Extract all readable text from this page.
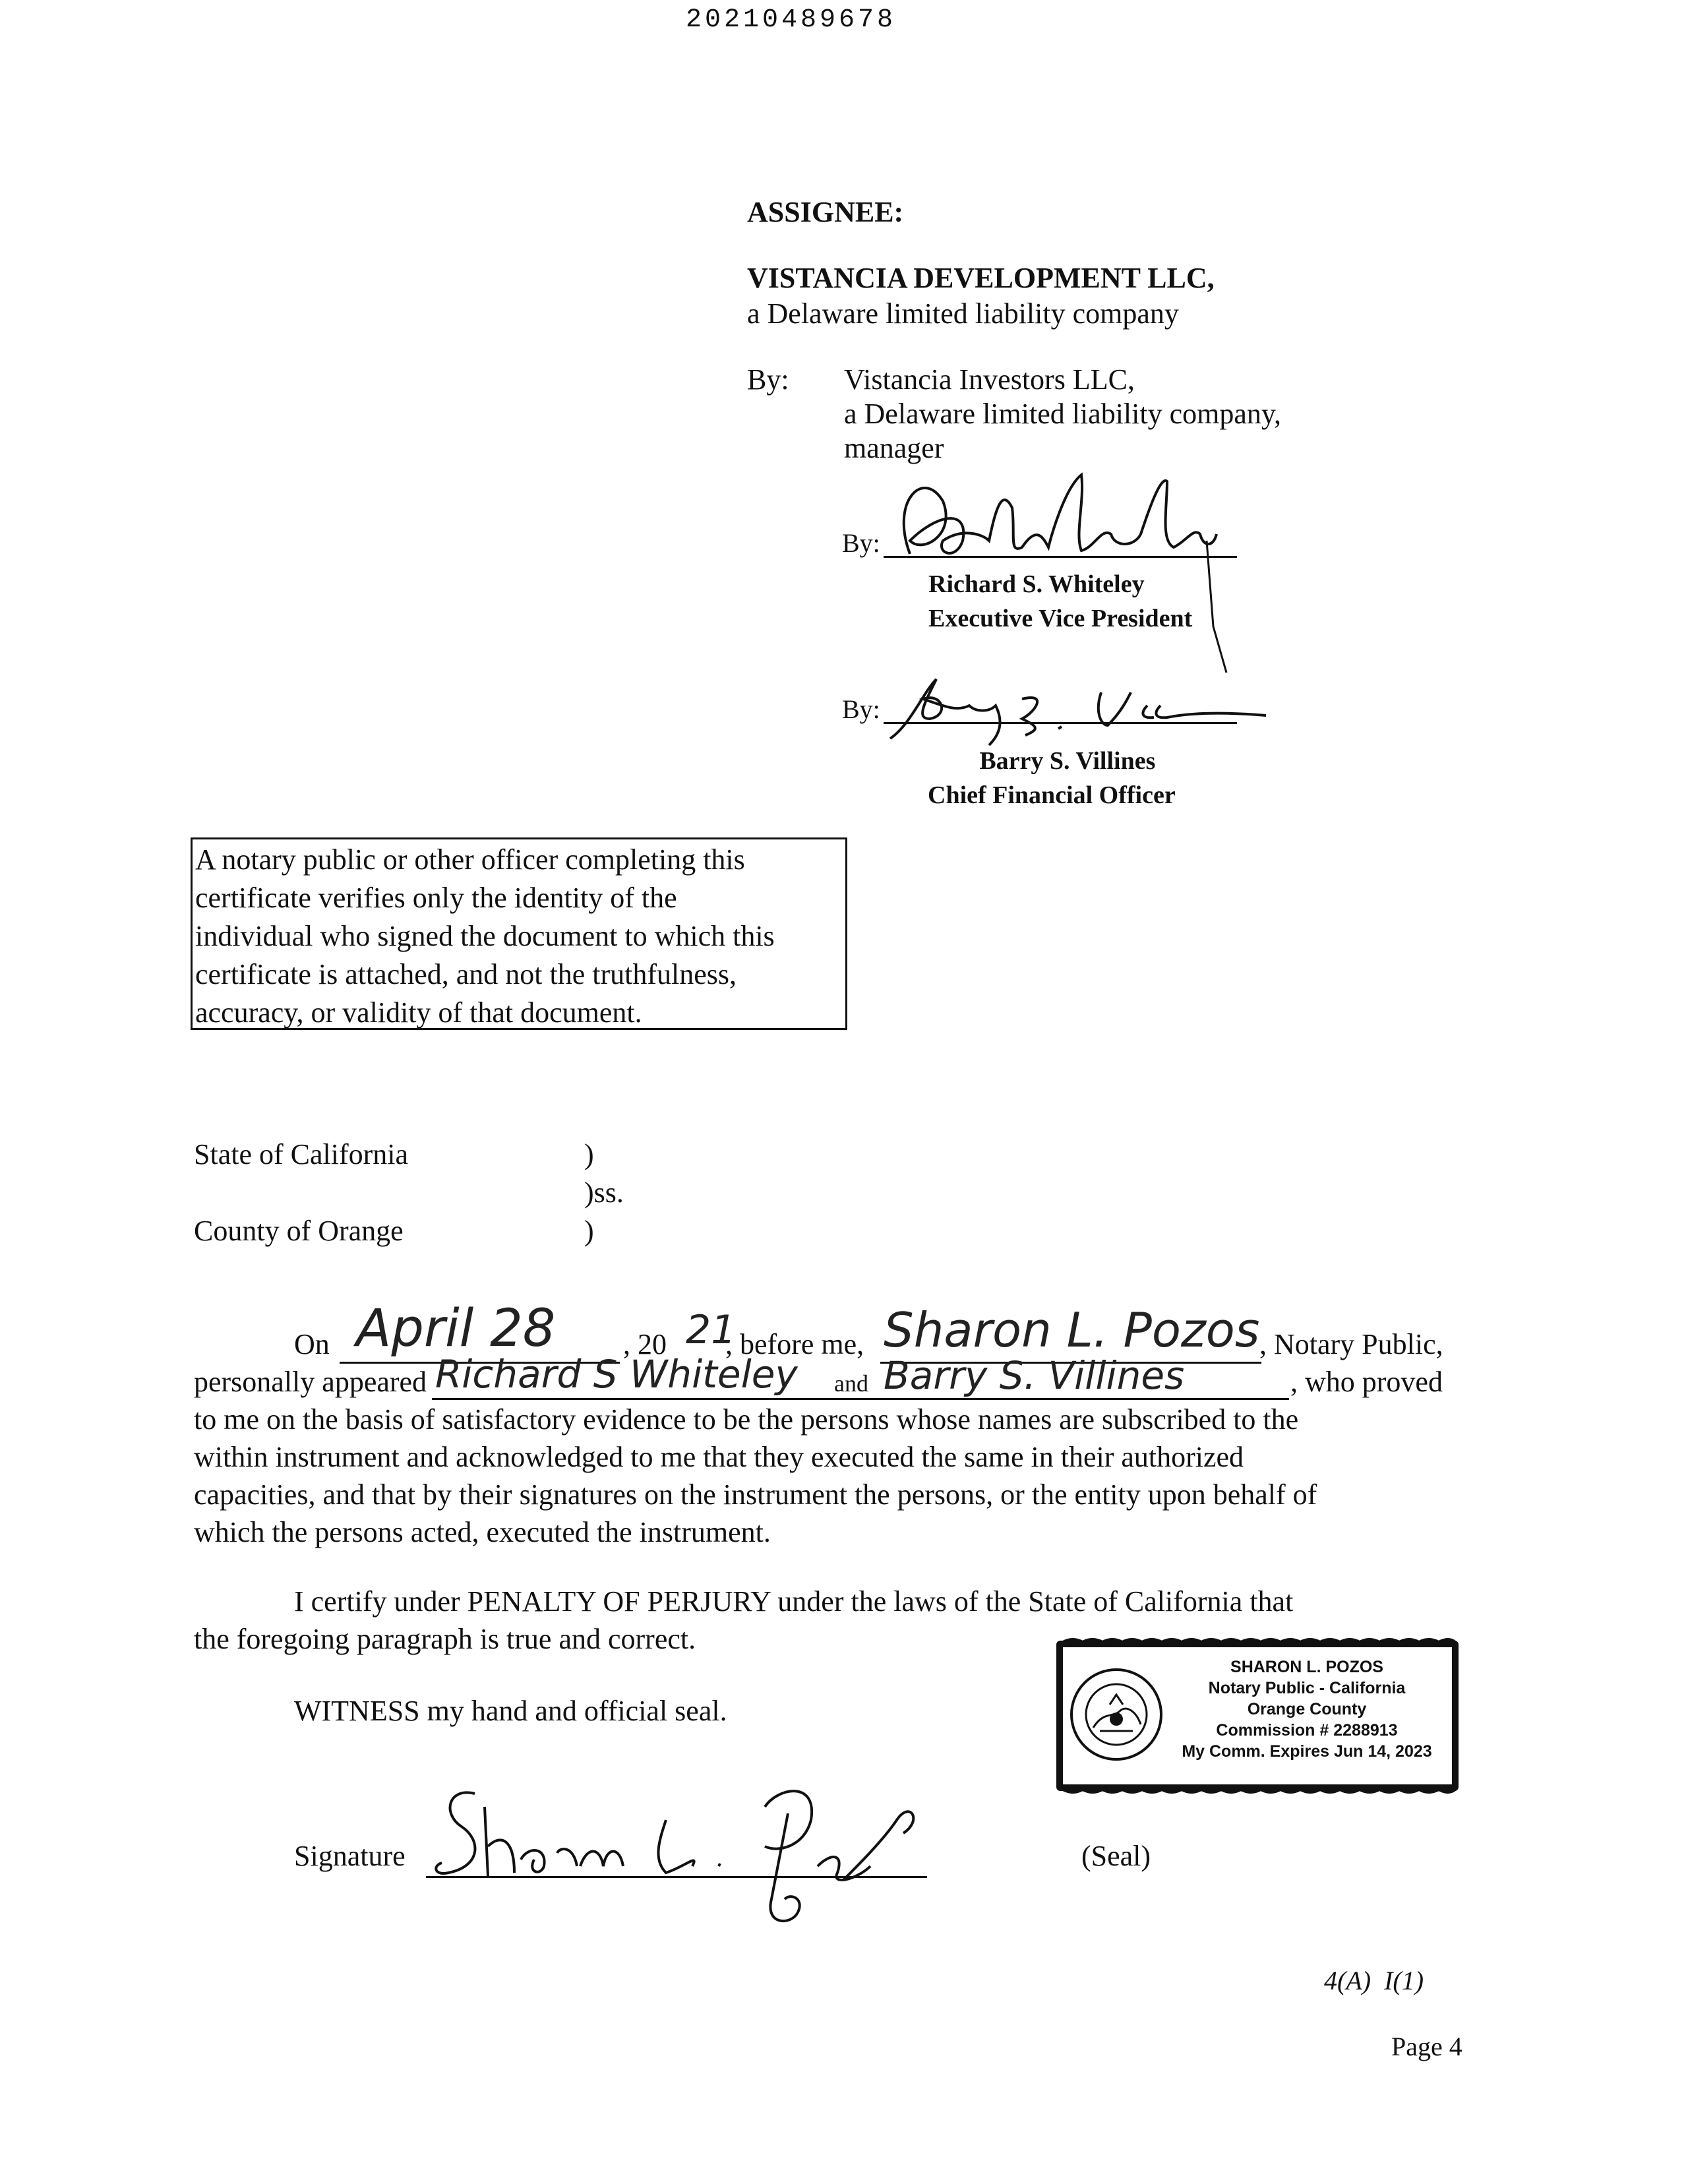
20210489678
ASSIGNEE:
VISTANCIA DEVELOPMENT LLC,
a Delaware limited liability company
By: Vistancia Investors LLC,
a Delaware limited liability company,
manager
By:
Richard S. Whiteley
Executive Vice President
By:
Barry S. Villines
Chief Financial Officer
A notary public or other officer completing this
certificate verifies only the identity of the
individual who signed the document to which this
certificate is attached, and not the truthfulness,
accuracy, or validity of that document.
State of California	)
)ss.
County of Orange	)
On April 28 , 20 21
, before me, Sharon L. Pozos , Notary Public,
personally appeared Richard S Whiteley and Barry S. Villines	, who proved
to me on the basis of satisfactory evidence to be the persons whose names are subscribed to the
within instrument and acknowledged to me that they executed the same in their authorized
capacities, and that by their signatures on the instrument the persons, or the entity upon behalf of
which the persons acted, executed the instrument.
I certify under PENALTY OF PERJURY under the laws of the State of California that
the foregoing paragraph is true and correct.
WITNESS my hand and official seal.
Signature	(Seal)
SHARON L. POZOS
Notary Public - California
Orange County
Commission # 2288913
My Comm. Expires Jun 14, 2023
4(A)  I(1)
Page 4
